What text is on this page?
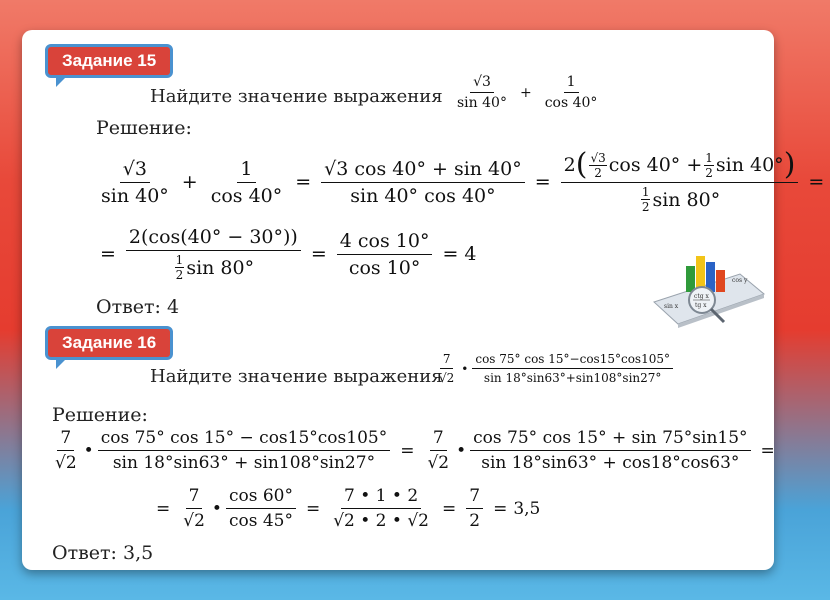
Задание 15
Найдите значение выражения $\frac{√3}{\sin 40^\circ} + \frac{1}{\cos 40^\circ}$
Решение:
$\frac{√3}{\sin 40^\circ} + \frac{1}{\cos 40^\circ} = \frac{√3 \cos 40^\circ + \sin 40^\circ}{\sin 40^\circ \cos 40^\circ}$ =
2 ( √3
2 $\cos 40^\circ + \frac{1}{2}$ sin 40° )
1
2 sin 80°
=
= 2(cos(40° − 30°))
1
2 $\sin 80^\circ = \frac{4 \cos 10^\circ}{\cos 10^\circ} = 4$
Ответ: 4	ctg x
tg x
cos y
sin x
Задание 16
Найдите значение выражения
$\frac{7}{√2}$ • $\frac{\cos 75^\circ \cos 15^\circ-\cos 15^\circ\cos 105^\circ}{\sin 18^\circ\sin 63^\circ+\sin 108^\circ\sin 27^\circ}$
Решение:
$\frac{7}{√2}$ • $\frac{\cos 75^\circ \cos 15^\circ - \cos 15^\circ\cos 105^\circ}{\sin 18^\circ\sin 63^\circ + \sin 108^\circ\sin 27^\circ} = \frac{7}{√2}$ • $\frac{\cos 75^\circ \cos 15^\circ + \sin 75^\circ\sin 15^\circ}{\sin 18^\circ\sin 63^\circ + \cos 18^\circ\cos 63^\circ}$ =
= $\frac{7}{√2}$ • $\frac{\cos 60^\circ}{\cos 45^\circ} = \frac{7 • 1 • 2}{√2 • 2 • √2} = \frac{7}{2} = 3,5$
Ответ: 3,5
